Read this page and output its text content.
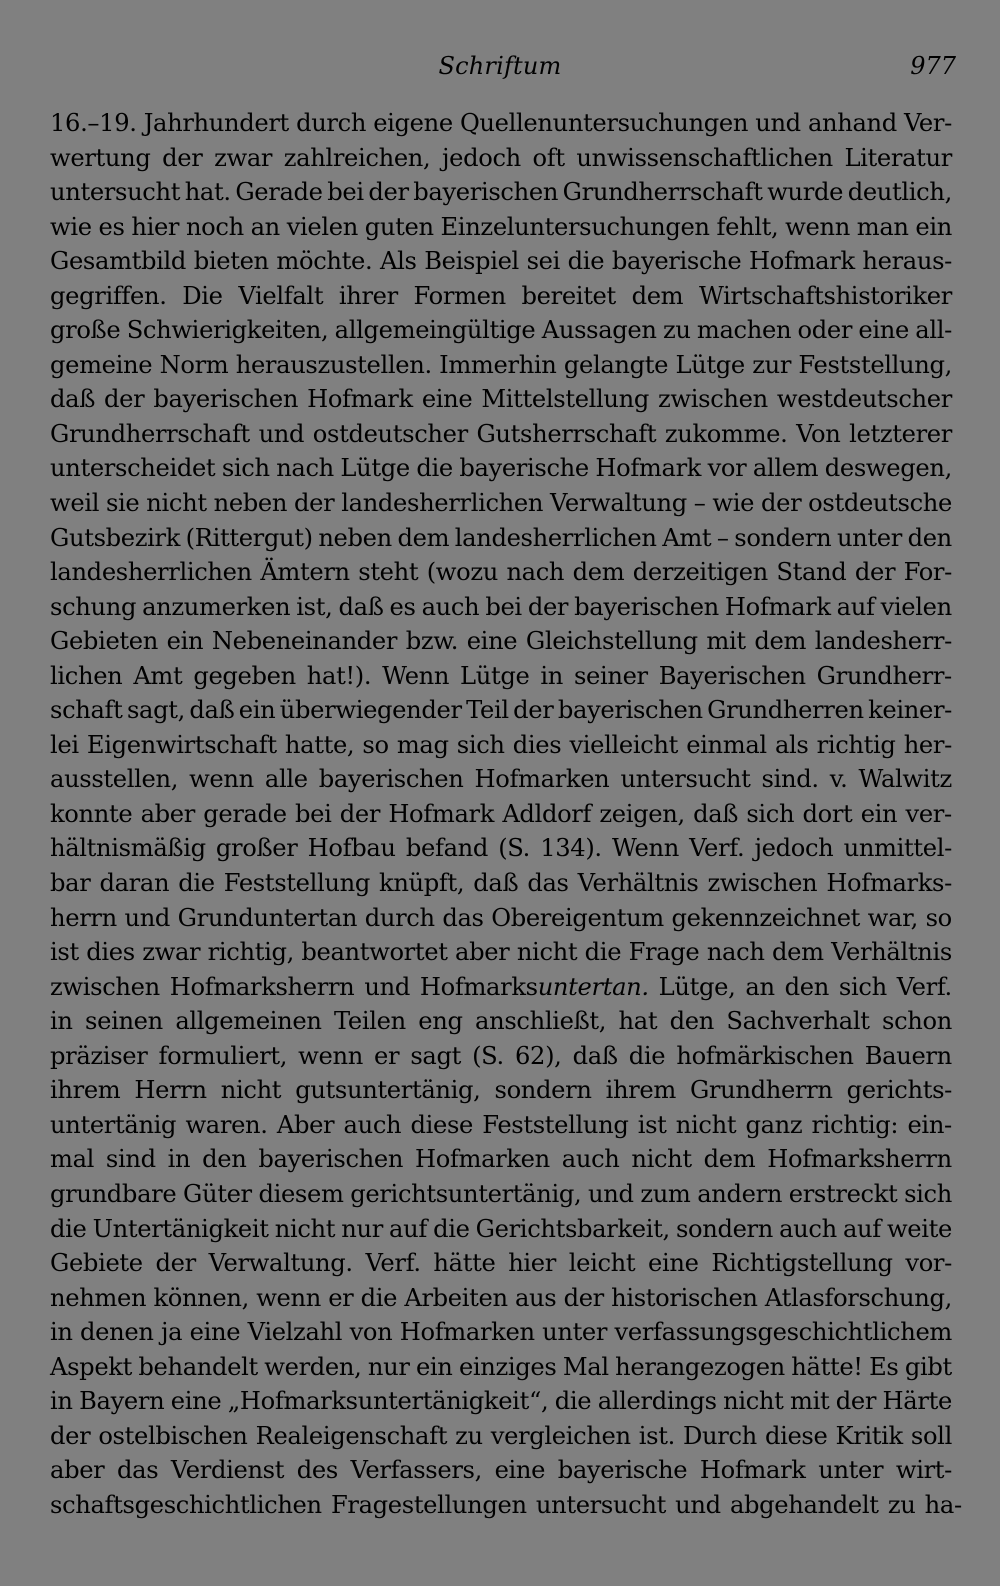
Schriftum	977
16.–19. Jahrhundert durch eigene Quellenuntersuchungen und anhand Ver-
wertung der zwar zahlreichen, jedoch oft unwissenschaftlichen Literatur
untersucht hat. Gerade bei der bayerischen Grundherrschaft wurde deutlich,
wie es hier noch an vielen guten Einzeluntersuchungen fehlt, wenn man ein
Gesamtbild bieten möchte. Als Beispiel sei die bayerische Hofmark heraus-
gegriffen. Die Vielfalt ihrer Formen bereitet dem Wirtschaftshistoriker
große Schwierigkeiten, allgemeingültige Aussagen zu machen oder eine all-
gemeine Norm herauszustellen. Immerhin gelangte Lütge zur Feststellung,
daß der bayerischen Hofmark eine Mittelstellung zwischen westdeutscher
Grundherrschaft und ostdeutscher Gutsherrschaft zukomme. Von letzterer
unterscheidet sich nach Lütge die bayerische Hofmark vor allem deswegen,
weil sie nicht neben der landesherrlichen Verwaltung – wie der ostdeutsche
Gutsbezirk (Rittergut) neben dem landesherrlichen Amt – sondern unter den
landesherrlichen Ämtern steht (wozu nach dem derzeitigen Stand der For-
schung anzumerken ist, daß es auch bei der bayerischen Hofmark auf vielen
Gebieten ein Nebeneinander bzw. eine Gleichstellung mit dem landesherr-
lichen Amt gegeben hat!). Wenn Lütge in seiner Bayerischen Grundherr-
schaft sagt, daß ein überwiegender Teil der bayerischen Grundherren keiner-
lei Eigenwirtschaft hatte, so mag sich dies vielleicht einmal als richtig her-
ausstellen, wenn alle bayerischen Hofmarken untersucht sind. v. Walwitz
konnte aber gerade bei der Hofmark Adldorf zeigen, daß sich dort ein ver-
hältnismäßig großer Hofbau befand (S. 134). Wenn Verf. jedoch unmittel-
bar daran die Feststellung knüpft, daß das Verhältnis zwischen Hofmarks-
herrn und Grunduntertan durch das Obereigentum gekennzeichnet war, so
ist dies zwar richtig, beantwortet aber nicht die Frage nach dem Verhältnis
zwischen Hofmarksherrn und Hofmarksuntertan. Lütge, an den sich Verf.
in seinen allgemeinen Teilen eng anschließt, hat den Sachverhalt schon
präziser formuliert, wenn er sagt (S. 62), daß die hofmärkischen Bauern
ihrem Herrn nicht gutsuntertänig, sondern ihrem Grundherrn gerichts-
untertänig waren. Aber auch diese Feststellung ist nicht ganz richtig: ein-
mal sind in den bayerischen Hofmarken auch nicht dem Hofmarksherrn
grundbare Güter diesem gerichtsuntertänig, und zum andern erstreckt sich
die Untertänigkeit nicht nur auf die Gerichtsbarkeit, sondern auch auf weite
Gebiete der Verwaltung. Verf. hätte hier leicht eine Richtigstellung vor-
nehmen können, wenn er die Arbeiten aus der historischen Atlasforschung,
in denen ja eine Vielzahl von Hofmarken unter verfassungsgeschichtlichem
Aspekt behandelt werden, nur ein einziges Mal herangezogen hätte! Es gibt
in Bayern eine „Hofmarksuntertänigkeit“, die allerdings nicht mit der Härte
der ostelbischen Realeigenschaft zu vergleichen ist. Durch diese Kritik soll
aber das Verdienst des Verfassers, eine bayerische Hofmark unter wirt-
schaftsgeschichtlichen Fragestellungen untersucht und abgehandelt zu ha-
